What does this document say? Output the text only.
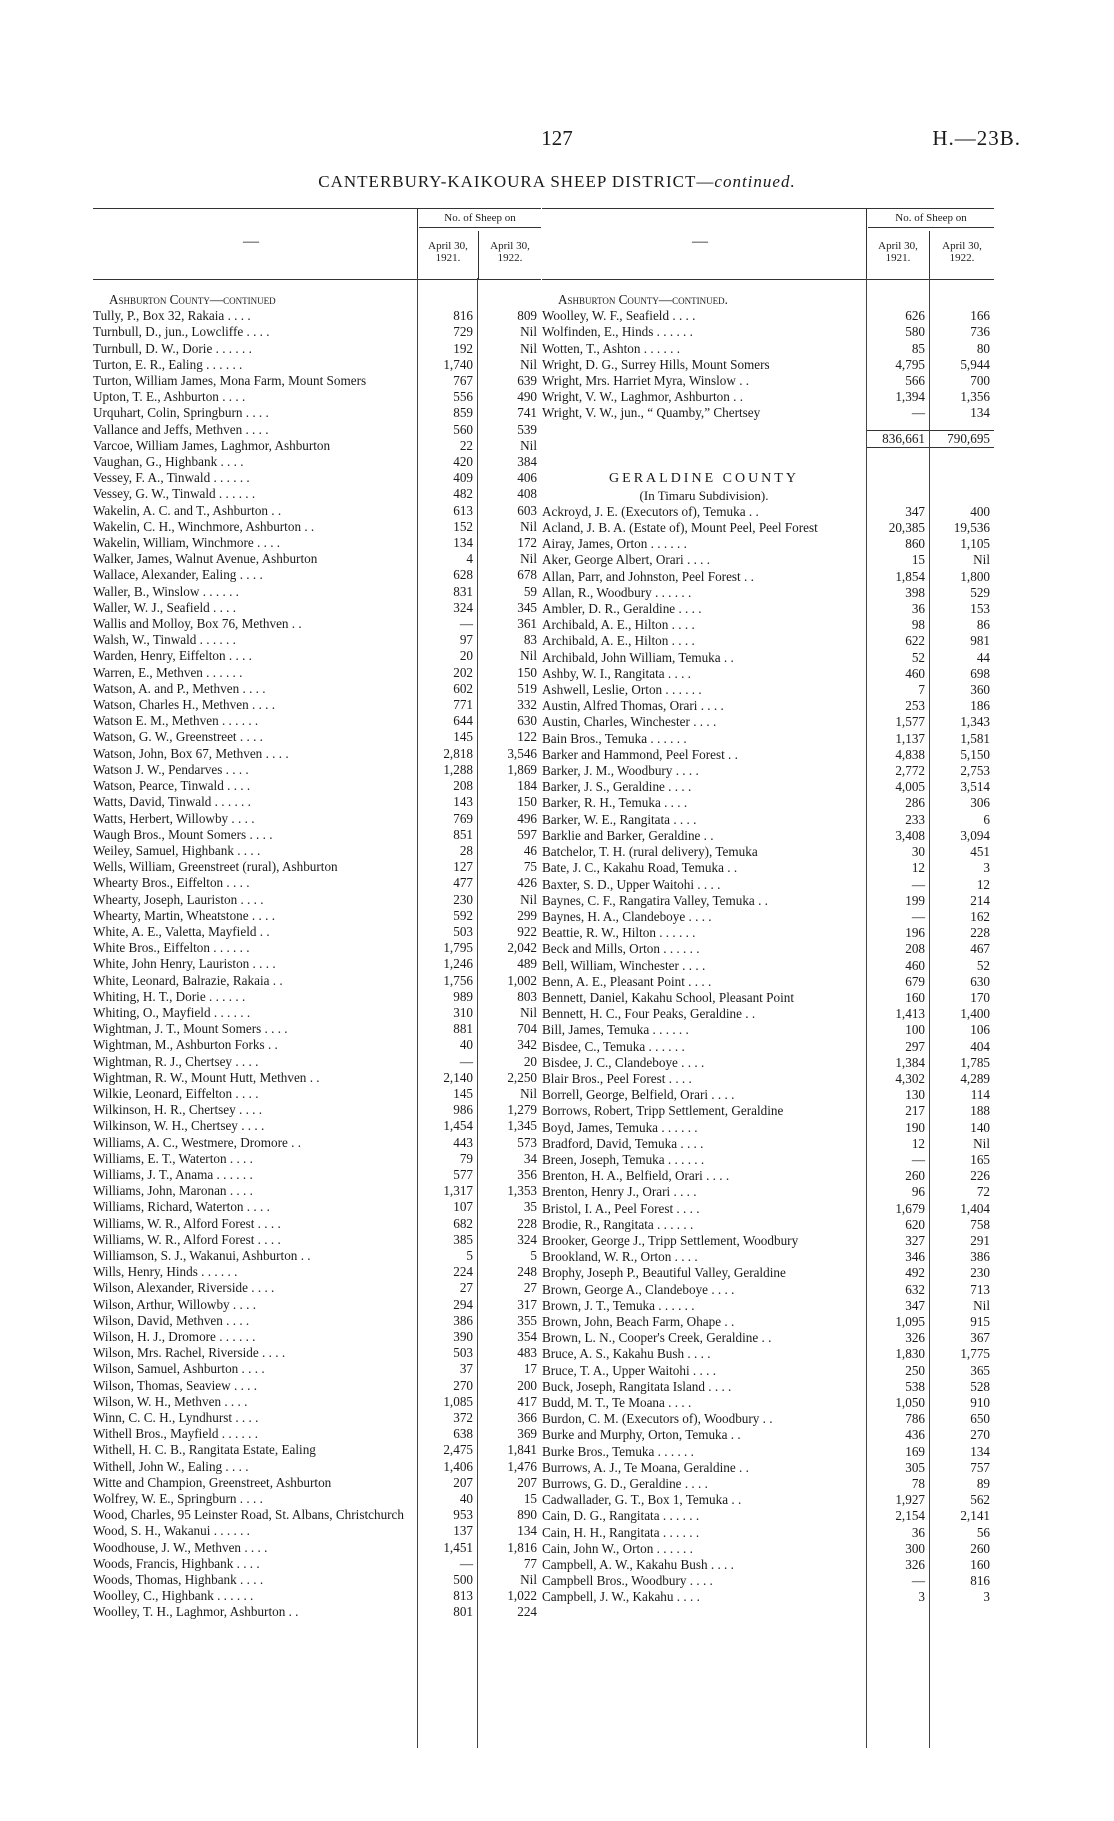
127	H.—23B.
CANTERBURY-KAIKOURA SHEEP DISTRICT—continued.
—
No. of Sheep on
April 30, 1921.
April 30, 1922.
Ashburton County—continued
Tully, P., Box 32, Rakaia . . . .	816	809
Turnbull, D., jun., Lowcliffe . . . .	729	Nil
Turnbull, D. W., Dorie . . . . . .	192	Nil
Turton, E. R., Ealing . . . . . .	1,740	Nil
Turton, William James, Mona Farm, Mount Somers	767	639
Upton, T. E., Ashburton . . . .	556	490
Urquhart, Colin, Springburn . . . .	859	741
Vallance and Jeffs, Methven . . . .	560	539
Varcoe, William James, Laghmor, Ashburton	22	Nil
Vaughan, G., Highbank . . . .	420	384
Vessey, F. A., Tinwald . . . . . .	409	406
Vessey, G. W., Tinwald . . . . . .	482	408
Wakelin, A. C. and T., Ashburton . .	613	603
Wakelin, C. H., Winchmore, Ashburton . .	152	Nil
Wakelin, William, Winchmore . . . .	134	172
Walker, James, Walnut Avenue, Ashburton	4	Nil
Wallace, Alexander, Ealing . . . .	628	678
Waller, B., Winslow . . . . . .	831	59
Waller, W. J., Seafield . . . .	324	345
Wallis and Molloy, Box 76, Methven . .	—	361
Walsh, W., Tinwald . . . . . .	97	83
Warden, Henry, Eiffelton . . . .	20	Nil
Warren, E., Methven . . . . . .	202	150
Watson, A. and P., Methven . . . .	602	519
Watson, Charles H., Methven . . . .	771	332
Watson E. M., Methven . . . . . .	644	630
Watson, G. W., Greenstreet . . . .	145	122
Watson, John, Box 67, Methven . . . .	2,818	3,546
Watson J. W., Pendarves . . . .	1,288	1,869
Watson, Pearce, Tinwald . . . .	208	184
Watts, David, Tinwald . . . . . .	143	150
Watts, Herbert, Willowby . . . .	769	496
Waugh Bros., Mount Somers . . . .	851	597
Weiley, Samuel, Highbank . . . .	28	46
Wells, William, Greenstreet (rural), Ashburton	127	75
Whearty Bros., Eiffelton . . . .	477	426
Whearty, Joseph, Lauriston . . . .	230	Nil
Whearty, Martin, Wheatstone . . . .	592	299
White, A. E., Valetta, Mayfield . .	503	922
White Bros., Eiffelton . . . . . .	1,795	2,042
White, John Henry, Lauriston . . . .	1,246	489
White, Leonard, Balrazie, Rakaia . .	1,756	1,002
Whiting, H. T., Dorie . . . . . .	989	803
Whiting, O., Mayfield . . . . . .	310	Nil
Wightman, J. T., Mount Somers . . . .	881	704
Wightman, M., Ashburton Forks . .	40	342
Wightman, R. J., Chertsey . . . .	—	20
Wightman, R. W., Mount Hutt, Methven . .	2,140	2,250
Wilkie, Leonard, Eiffelton . . . .	145	Nil
Wilkinson, H. R., Chertsey . . . .	986	1,279
Wilkinson, W. H., Chertsey . . . .	1,454	1,345
Williams, A. C., Westmere, Dromore . .	443	573
Williams, E. T., Waterton . . . .	79	34
Williams, J. T., Anama . . . . . .	577	356
Williams, John, Maronan . . . .	1,317	1,353
Williams, Richard, Waterton . . . .	107	35
Williams, W. R., Alford Forest . . . .	682	228
Williams, W. R., Alford Forest . . . .	385	324
Williamson, S. J., Wakanui, Ashburton . .	5	5
Wills, Henry, Hinds . . . . . .	224	248
Wilson, Alexander, Riverside . . . .	27	27
Wilson, Arthur, Willowby . . . .	294	317
Wilson, David, Methven . . . .	386	355
Wilson, H. J., Dromore . . . . . .	390	354
Wilson, Mrs. Rachel, Riverside . . . .	503	483
Wilson, Samuel, Ashburton . . . .	37	17
Wilson, Thomas, Seaview . . . .	270	200
Wilson, W. H., Methven . . . .	1,085	417
Winn, C. C. H., Lyndhurst . . . .	372	366
Withell Bros., Mayfield . . . . . .	638	369
Withell, H. C. B., Rangitata Estate, Ealing	2,475	1,841
Withell, John W., Ealing . . . .	1,406	1,476
Witte and Champion, Greenstreet, Ashburton	207	207
Wolfrey, W. E., Springburn . . . .	40	15
Wood, Charles, 95 Leinster Road, St. Albans, Christchurch	953	890
Wood, S. H., Wakanui . . . . . .	137	134
Woodhouse, J. W., Methven . . . .	1,451	1,816
Woods, Francis, Highbank . . . .	—	77
Woods, Thomas, Highbank . . . .	500	Nil
Woolley, C., Highbank . . . . . .	813	1,022
Woolley, T. H., Laghmor, Ashburton . .	801	224
—
No. of Sheep on
April 30, 1921.
April 30, 1922.
Ashburton County—continued.
Woolley, W. F., Seafield . . . .	626	166
Wolfinden, E., Hinds . . . . . .	580	736
Wotten, T., Ashton . . . . . .	85	80
Wright, D. G., Surrey Hills, Mount Somers	4,795	5,944
Wright, Mrs. Harriet Myra, Winslow . .	566	700
Wright, V. W., Laghmor, Ashburton . .	1,394	1,356
Wright, V. W., jun., “ Quamby,” Chertsey	—	134
836,661	790,695
GERALDINE COUNTY
(In Timaru Subdivision).
Ackroyd, J. E. (Executors of), Temuka . .	347	400
Acland, J. B. A. (Estate of), Mount Peel, Peel Forest	20,385	19,536
Airay, James, Orton . . . . . .	860	1,105
Aker, George Albert, Orari . . . .	15	Nil
Allan, Parr, and Johnston, Peel Forest . .	1,854	1,800
Allan, R., Woodbury . . . . . .	398	529
Ambler, D. R., Geraldine . . . .	36	153
Archibald, A. E., Hilton . . . .	98	86
Archibald, A. E., Hilton . . . .	622	981
Archibald, John William, Temuka . .	52	44
Ashby, W. I., Rangitata . . . .	460	698
Ashwell, Leslie, Orton . . . . . .	7	360
Austin, Alfred Thomas, Orari . . . .	253	186
Austin, Charles, Winchester . . . .	1,577	1,343
Bain Bros., Temuka . . . . . .	1,137	1,581
Barker and Hammond, Peel Forest . .	4,838	5,150
Barker, J. M., Woodbury . . . .	2,772	2,753
Barker, J. S., Geraldine . . . .	4,005	3,514
Barker, R. H., Temuka . . . .	286	306
Barker, W. E., Rangitata . . . .	233	6
Barklie and Barker, Geraldine . .	3,408	3,094
Batchelor, T. H. (rural delivery), Temuka	30	451
Bate, J. C., Kakahu Road, Temuka . .	12	3
Baxter, S. D., Upper Waitohi . . . .	—	12
Baynes, C. F., Rangatira Valley, Temuka . .	199	214
Baynes, H. A., Clandeboye . . . .	—	162
Beattie, R. W., Hilton . . . . . .	196	228
Beck and Mills, Orton . . . . . .	208	467
Bell, William, Winchester . . . .	460	52
Benn, A. E., Pleasant Point . . . .	679	630
Bennett, Daniel, Kakahu School, Pleasant Point	160	170
Bennett, H. C., Four Peaks, Geraldine . .	1,413	1,400
Bill, James, Temuka . . . . . .	100	106
Bisdee, C., Temuka . . . . . .	297	404
Bisdee, J. C., Clandeboye . . . .	1,384	1,785
Blair Bros., Peel Forest . . . .	4,302	4,289
Borrell, George, Belfield, Orari . . . .	130	114
Borrows, Robert, Tripp Settlement, Geraldine	217	188
Boyd, James, Temuka . . . . . .	190	140
Bradford, David, Temuka . . . .	12	Nil
Breen, Joseph, Temuka . . . . . .	—	165
Brenton, H. A., Belfield, Orari . . . .	260	226
Brenton, Henry J., Orari . . . .	96	72
Bristol, I. A., Peel Forest . . . .	1,679	1,404
Brodie, R., Rangitata . . . . . .	620	758
Brooker, George J., Tripp Settlement, Woodbury	327	291
Brookland, W. R., Orton . . . .	346	386
Brophy, Joseph P., Beautiful Valley, Geraldine	492	230
Brown, George A., Clandeboye . . . .	632	713
Brown, J. T., Temuka . . . . . .	347	Nil
Brown, John, Beach Farm, Ohape . .	1,095	915
Brown, L. N., Cooper's Creek, Geraldine . .	326	367
Bruce, A. S., Kakahu Bush . . . .	1,830	1,775
Bruce, T. A., Upper Waitohi . . . .	250	365
Buck, Joseph, Rangitata Island . . . .	538	528
Budd, M. T., Te Moana . . . .	1,050	910
Burdon, C. M. (Executors of), Woodbury . .	786	650
Burke and Murphy, Orton, Temuka . .	436	270
Burke Bros., Temuka . . . . . .	169	134
Burrows, A. J., Te Moana, Geraldine . .	305	757
Burrows, G. D., Geraldine . . . .	78	89
Cadwallader, G. T., Box 1, Temuka . .	1,927	562
Cain, D. G., Rangitata . . . . . .	2,154	2,141
Cain, H. H., Rangitata . . . . . .	36	56
Cain, John W., Orton . . . . . .	300	260
Campbell, A. W., Kakahu Bush . . . .	326	160
Campbell Bros., Woodbury . . . .	—	816
Campbell, J. W., Kakahu . . . .	3	3
